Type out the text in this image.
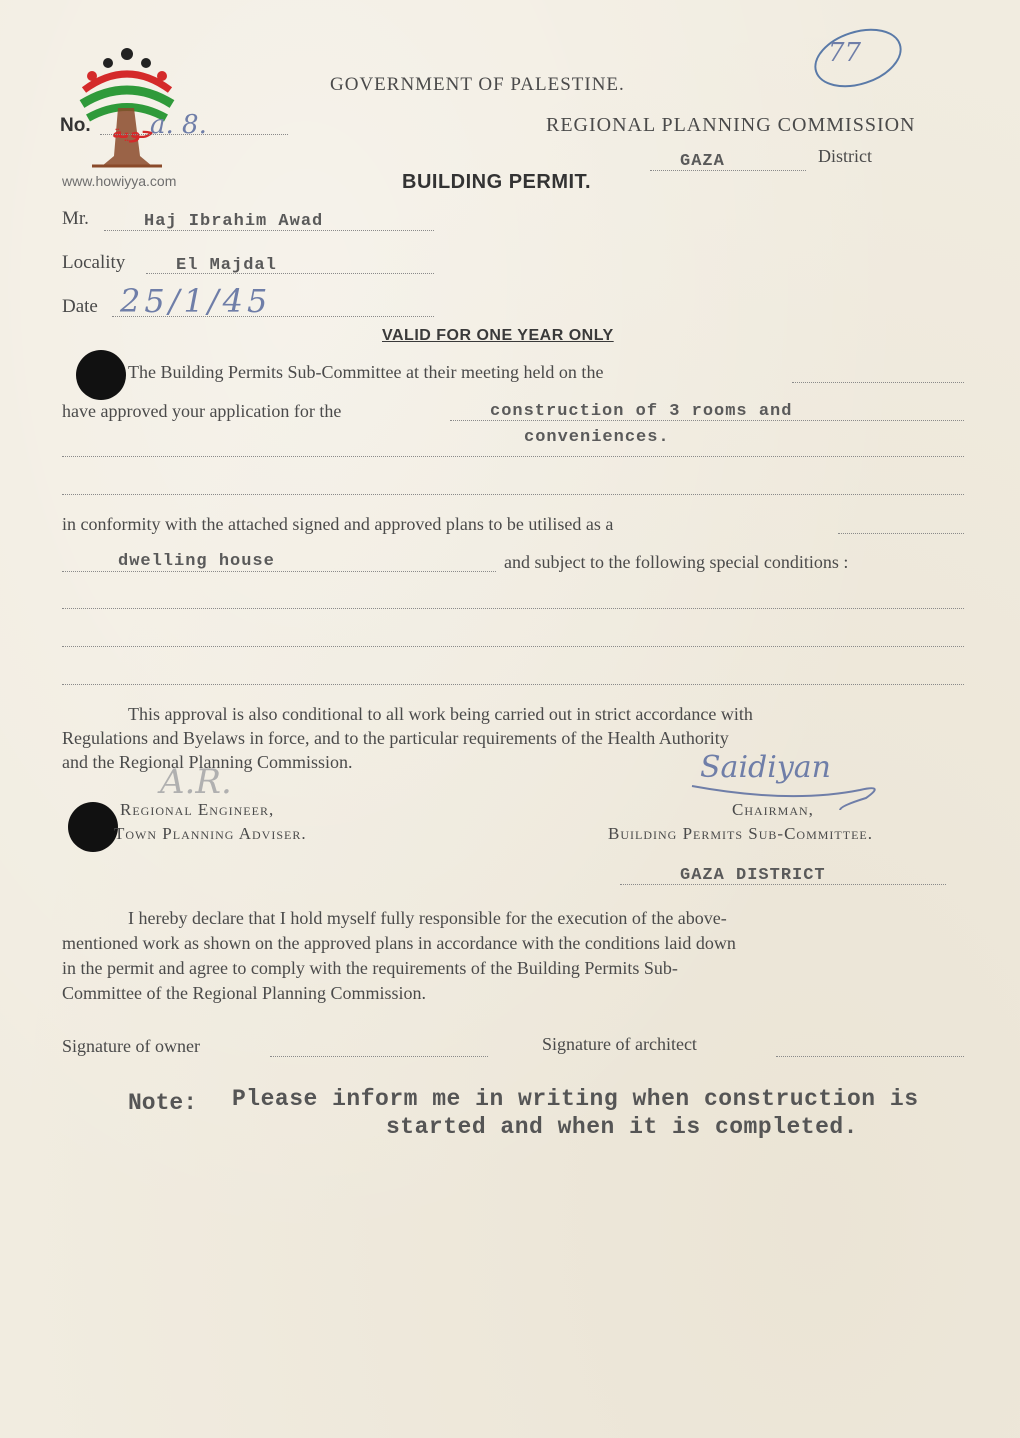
حوية
www.howiyya.com
No. a. 8.
GOVERNMENT OF PALESTINE.
REGIONAL PLANNING COMMISSION
GAZA	District
77
BUILDING PERMIT.
Mr.	Haj Ibrahim Awad
Locality	El Majdal
Date 25/1/45
VALID FOR ONE YEAR ONLY
The Building Permits Sub-Committee at their meeting held on the
have approved your application for the	construction of 3 rooms and
conveniences.
in conformity with the attached signed and approved plans to be utilised as a
dwelling house	and subject to the following special conditions :
This approval is also conditional to all work being carried out in strict accordance with
Regulations and Byelaws in force, and to the particular requirements of the Health Authority
and the Regional Planning Commission.
A.R.
Regional Engineer,
Town Planning Adviser.
Saidiyan
Chairman,
Building Permits Sub-Committee.
GAZA DISTRICT
I hereby declare that I hold myself fully responsible for the execution of the above-
mentioned work as shown on the approved plans in accordance with the conditions laid down
in the permit and agree to comply with the requirements of the Building Permits Sub-
Committee of the Regional Planning Commission.
Signature of owner	Signature of architect
Note: Please inform me in writing when construction is
started and when it is completed.
